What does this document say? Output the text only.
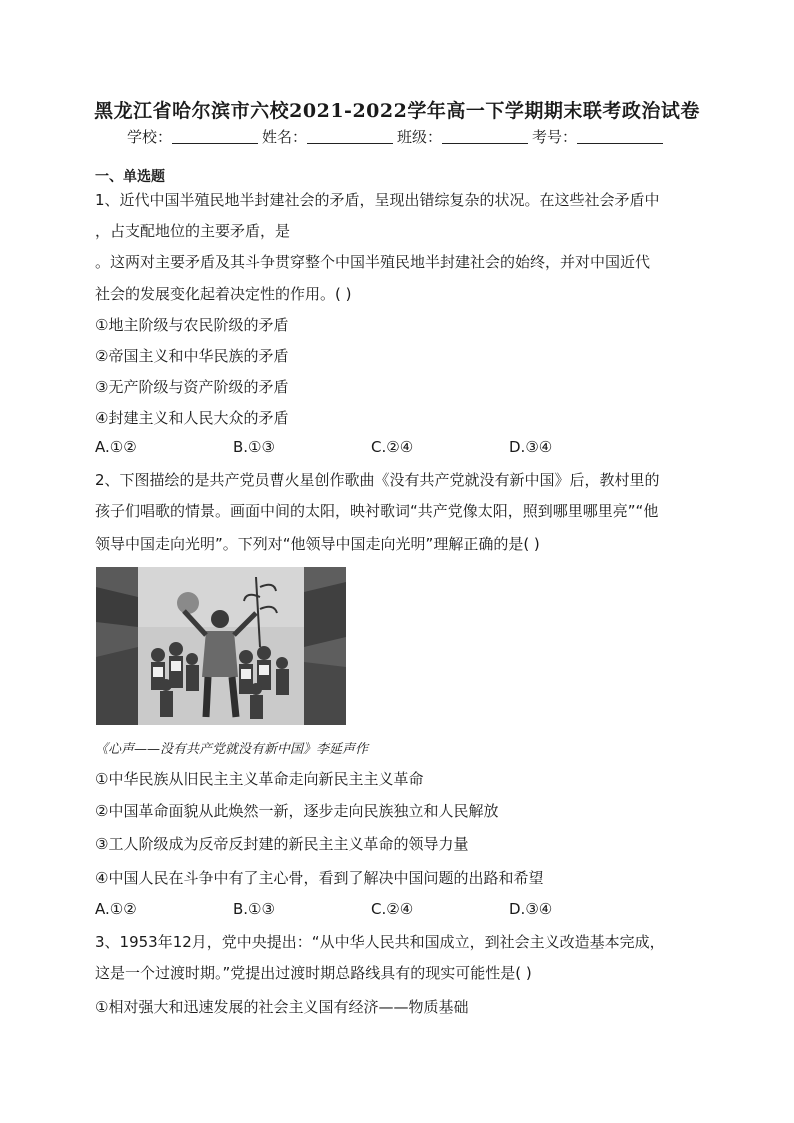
黑龙江省哈尔滨市六校2021-2022学年高一下学期期末联考政治试卷
学校：	姓名：	班级：	考号：
一、单选题
1、近代中国半殖民地半封建社会的矛盾，呈现出错综复杂的状况。在这些社会矛盾中
，占支配地位的主要矛盾，是
。这两对主要矛盾及其斗争贯穿整个中国半殖民地半封建社会的始终，并对中国近代
社会的发展变化起着决定性的作用。( )
①地主阶级与农民阶级的矛盾
②帝国主义和中华民族的矛盾
③无产阶级与资产阶级的矛盾
④封建主义和人民大众的矛盾
A.①②	B.①③	C.②④	D.③④
2、下图描绘的是共产党员曹火星创作歌曲《没有共产党就没有新中国》后，教村里的
孩子们唱歌的情景。画面中间的太阳，映衬歌词“共产党像太阳，照到哪里哪里亮”“他
领导中国走向光明”。下列对“他领导中国走向光明”理解正确的是( )
《心声——没有共产党就没有新中国》李延声作
①中华民族从旧民主主义革命走向新民主主义革命
②中国革命面貌从此焕然一新，逐步走向民族独立和人民解放
③工人阶级成为反帝反封建的新民主主义革命的领导力量
④中国人民在斗争中有了主心骨，看到了解决中国问题的出路和希望
A.①②	B.①③	C.②④	D.③④
3、1953年12月，党中央提出：“从中华人民共和国成立，到社会主义改造基本完成，
这是一个过渡时期。”党提出过渡时期总路线具有的现实可能性是( )
①相对强大和迅速发展的社会主义国有经济——物质基础
